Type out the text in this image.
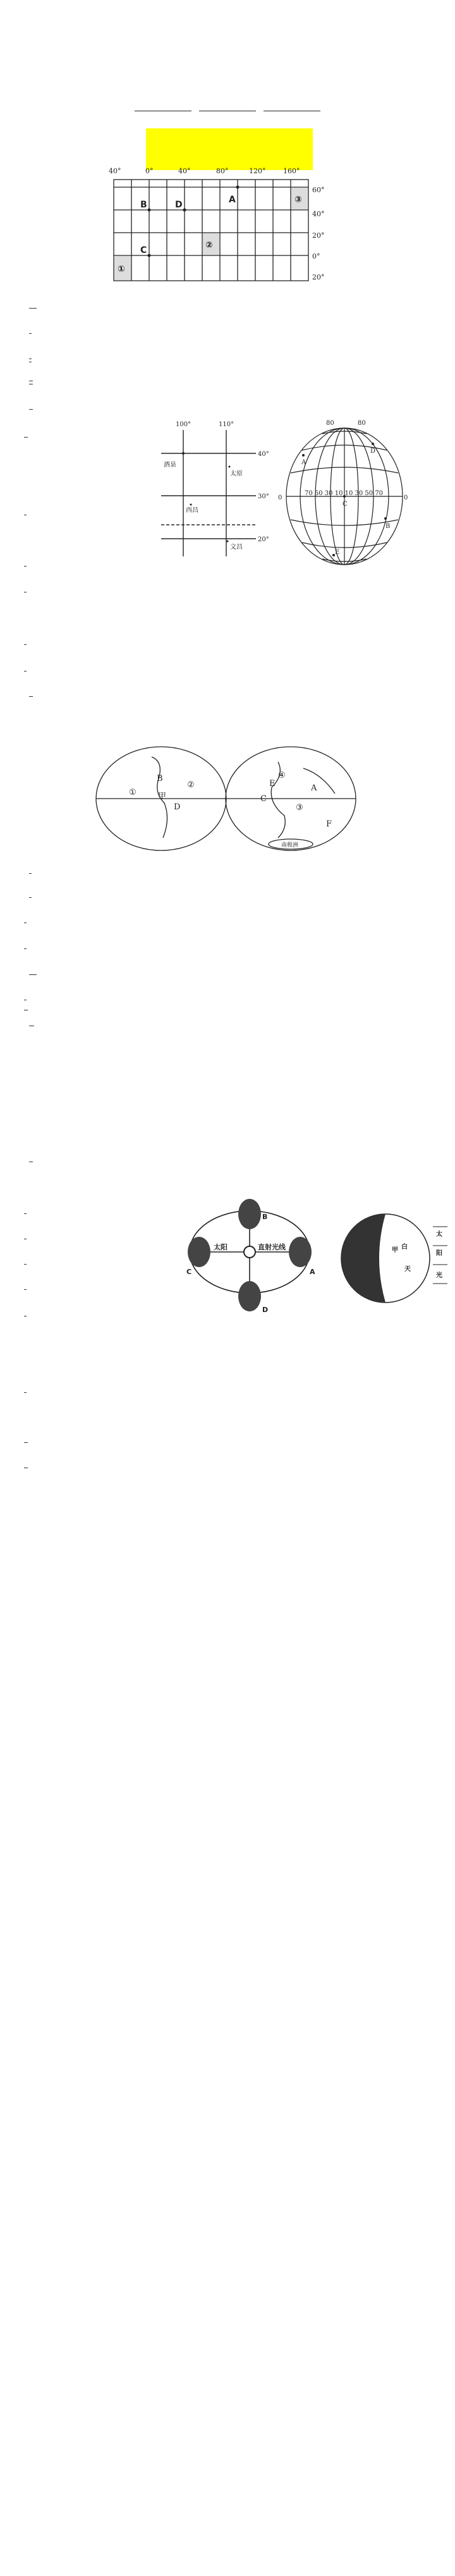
40°	0°	40°	80°	120°	160°
60°
40°
20°
0°
20°
A
B	D
C
①
②
③
100°	110°
40°
30°
20°
酒泉
太原
西昌
文昌
A
D
C
B
E
80	80
0	0
70 50 30 10 10 30 50 70
B
②
①	甲
D
E
④
A
C
③
F
南极洲
B
A
C
D
太阳	直射光线
太
阳
光
甲 白
天
